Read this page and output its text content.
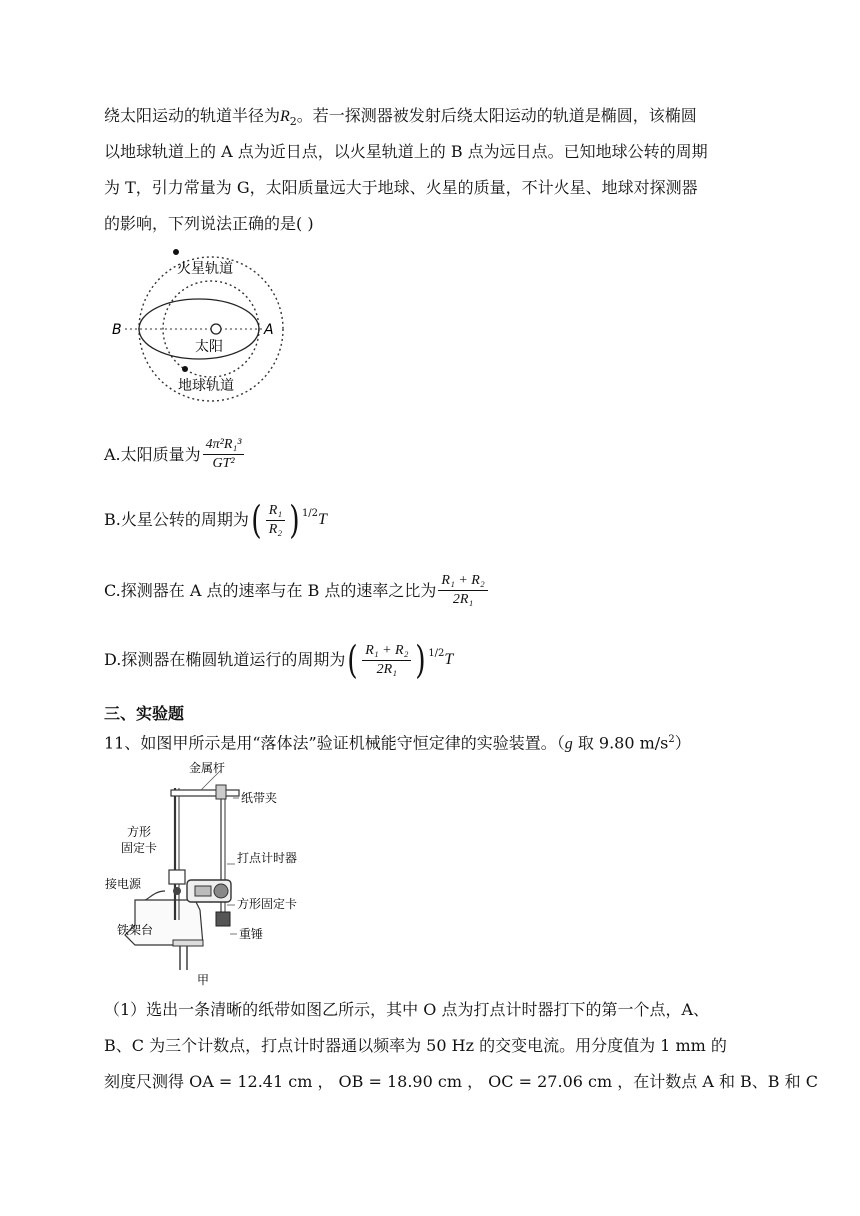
绕太阳运动的轨道半径为$R_2$。若一探测器被发射后绕太阳运动的轨道是椭圆，该椭圆
以地球轨道上的 A 点为近日点，以火星轨道上的 B 点为远日点。已知地球公转的周期
为 T，引力常量为 G，太阳质量远大于地球、火星的质量，不计火星、地球对探测器
的影响，下列说法正确的是( )
火星轨道
地球轨道
太阳
A
B
A.太阳质量为 $\frac{\text{4π²R₁³}}{\text{GT²}}$
B.火星公转的周期为 ( $\frac{\text{R₁}}{\text{R₂}}$ ) 1/2 T
C.探测器在 A 点的速率与在 B 点的速率之比为 $\frac{\text{R₁ + R₂}}{\text{2R₁}}$
D.探测器在椭圆轨道运行的周期为 ( $\frac{\text{R₁ + R₂}}{\text{2R₁}}$ ) 1/2 T
三、实验题
11、如图甲所示是用“落体法”验证机械能守恒定律的实验装置。（g 取 9.80 $m/s^2$）
金属杆
纸带夹
方形
固定卡
打点计时器
接电源
方形固定卡
铁架台	重锤
甲
（1）选出一条清晰的纸带如图乙所示，其中 O 点为打点计时器打下的第一个点，A、
B、C 为三个计数点，打点计时器通以频率为 50 Hz 的交变电流。用分度值为 1 mm 的
刻度尺测得 OA = 12.41 cm ， OB = 18.90 cm ， OC = 27.06 cm ，在计数点 A 和 B、B 和 C
